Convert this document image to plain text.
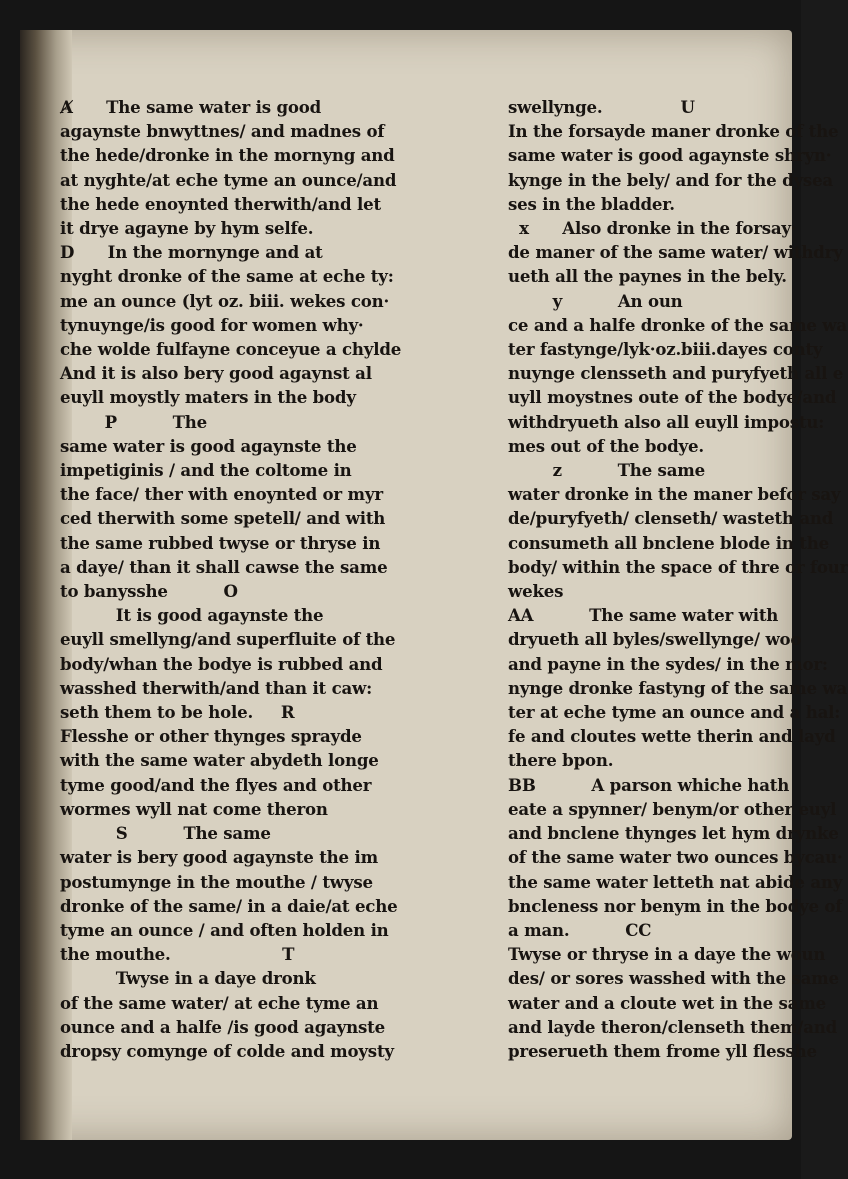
Ⱥ      The same water is good

agaynste bnwyttnes/ and madnes of

the hede/dronke in the mornyng and

at nyghte/at eche tyme an ounce/and

the hede enoynted therwith/and let

it drye agayne by hym selfe.

D      In the mornynge and at

nyght dronke of the same at eche ty:

me an ounce (lyt oz. biii. wekes con·

tynuynge/is good for women why·

che wolde fulfayne conceyue a chylde

And it is also bery good agaynst al

euyll moystly maters in the body

P          The

same water is good agaynste the

impetiginis / and the coltome in

the face/ ther with enoynted or myr

ced therwith some spetell/ and with

the same rubbed twyse or thryse in

a daye/ than it shall cawse the same

to banysshe          O

It is good agaynste the

euyll smellyng/and superfluite of the

body/whan the bodye is rubbed and

wasshed therwith/and than it caw:

seth them to be hole.     R

Flesshe or other thynges sprayde

with the same water abydeth longe

tyme good/and the flyes and other

wormes wyll nat come theron

S          The same

water is bery good agaynste the im

postumynge in the mouthe / twyse

dronke of the same/ in a daie/at eche

tyme an ounce / and often holden in

the mouthe.                    T

Twyse in a daye dronk

of the same water/ at eche tyme an

ounce and a halfe /is good agaynste

dropsy comynge of colde and moysty

swellynge.              U

In the forsayde maner dronke of the

same water is good agaynste shryn·

kynge in the bely/ and for the dysea

ses in the bladder.

x      Also dronke in the forsay·

de maner of the same water/ withdry

ueth all the paynes in the bely.

y          An oun

ce and a halfe dronke of the same wa

ter fastynge/lyk·oz.biii.dayes conty

nuynge clensseth and puryfyeth all e

uyll moystnes oute of the bodye/and

withdryueth also all euyll impostu:

mes out of the bodye.

z          The same

water dronke in the maner befor say

de/puryfyeth/ clenseth/ wasteth and

consumeth all bnclene blode in the

body/ within the space of thre or four

wekes

AA          The same water with

dryueth all byles/swellynge/ woo

and payne in the sydes/ in the mor:

nynge dronke fastyng of the same wa

ter at eche tyme an ounce and a hal:

fe and cloutes wette therin and layd

there bpon.

BB          A parson whiche hath

eate a spynner/ benym/or other euyl

and bnclene thynges let hym drynke

of the same water two ounces bycau·

the same water letteth nat abide any

bncleness nor benym in the bodye of

a man.          CC

Twyse or thryse in a daye the woun

des/ or sores wasshed with the same

water and a cloute wet in the same

and layde theron/clenseth them/and

preserueth them frome yll flesshe
